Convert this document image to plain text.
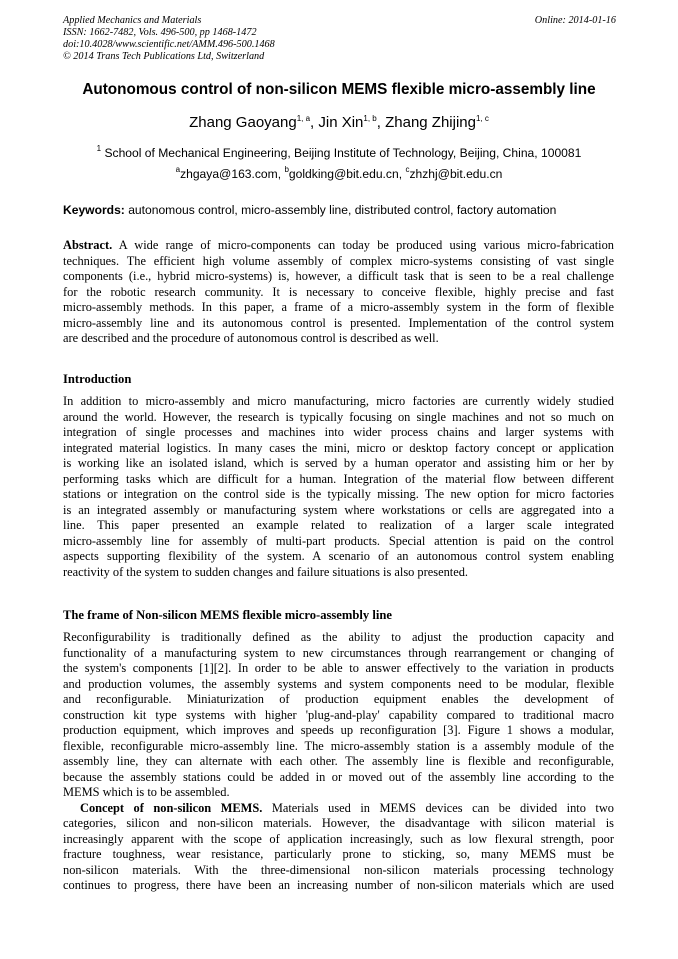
Applied Mechanics and Materials
ISSN: 1662-7482, Vols. 496-500, pp 1468-1472
doi:10.4028/www.scientific.net/AMM.496-500.1468
© 2014 Trans Tech Publications Ltd, Switzerland
Online: 2014-01-16
Autonomous control of non-silicon MEMS flexible micro-assembly line
Zhang Gaoyang$^{1, a}$, Jin Xin$^{1, b}$, Zhang Zhijing$^{1, c}$
$^1$ School of Mechanical Engineering, Beijing Institute of Technology, Beijing, China, 100081
$^a$zhgaya@163.com, $^b$goldking@bit.edu.cn, $^c$zhzhj@bit.edu.cn
Keywords: autonomous control, micro-assembly line, distributed control, factory automation
Abstract. A wide range of micro-components can today be produced using various micro-fabrication
techniques. The efficient high volume assembly of complex micro-systems consisting of vast single
components (i.e., hybrid micro-systems) is, however, a difficult task that is seen to be a real challenge
for the robotic research community. It is necessary to conceive flexible, highly precise and fast
micro-assembly methods. In this paper, a frame of a micro-assembly system in the form of flexible
micro-assembly line and its autonomous control is presented. Implementation of the control system
are described and the procedure of autonomous control is described as well.
Introduction
In addition to micro-assembly and micro manufacturing, micro factories are currently widely studied
around the world. However, the research is typically focusing on single machines and not so much on
integration of single processes and machines into wider process chains and larger systems with
integrated material logistics. In many cases the mini, micro or desktop factory concept or application
is working like an isolated island, which is served by a human operator and assisting him or her by
performing tasks which are difficult for a human. Integration of the material flow between different
stations or integration on the control side is the typically missing. The new option for micro factories
is an integrated assembly or manufacturing system where workstations or cells are aggregated into a
line. This paper presented an example related to realization of a larger scale integrated
micro-assembly line for assembly of multi-part products. Special attention is paid on the control
aspects supporting flexibility of the system. A scenario of an autonomous control system enabling
reactivity of the system to sudden changes and failure situations is also presented.
The frame of Non-silicon MEMS flexible micro-assembly line
Reconfigurability is traditionally defined as the ability to adjust the production capacity and
functionality of a manufacturing system to new circumstances through rearrangement or changing of
the system's components [1][2]. In order to be able to answer effectively to the variation in products
and production volumes, the assembly systems and system components need to be modular, flexible
and reconfigurable. Miniaturization of production equipment enables the development of
construction kit type systems with higher 'plug-and-play' capability compared to traditional macro
production equipment, which improves and speeds up reconfiguration [3]. Figure 1 shows a modular,
flexible, reconfigurable micro-assembly line. The micro-assembly station is a assembly module of the
assembly line, they can alternate with each other. The assembly line is flexible and reconfigurable,
because the assembly stations could be added in or moved out of the assembly line according to the
MEMS which is to be assembled.
Concept of non-silicon MEMS. Materials used in MEMS devices can be divided into two
categories, silicon and non-silicon materials. However, the disadvantage with silicon material is
increasingly apparent with the scope of application increasingly, such as low flexural strength, poor
fracture toughness, wear resistance, particularly prone to sticking, so, many MEMS must be
non-silicon materials. With the three-dimensional non-silicon materials processing technology
continues to progress, there have been an increasing number of non-silicon materials which are used
